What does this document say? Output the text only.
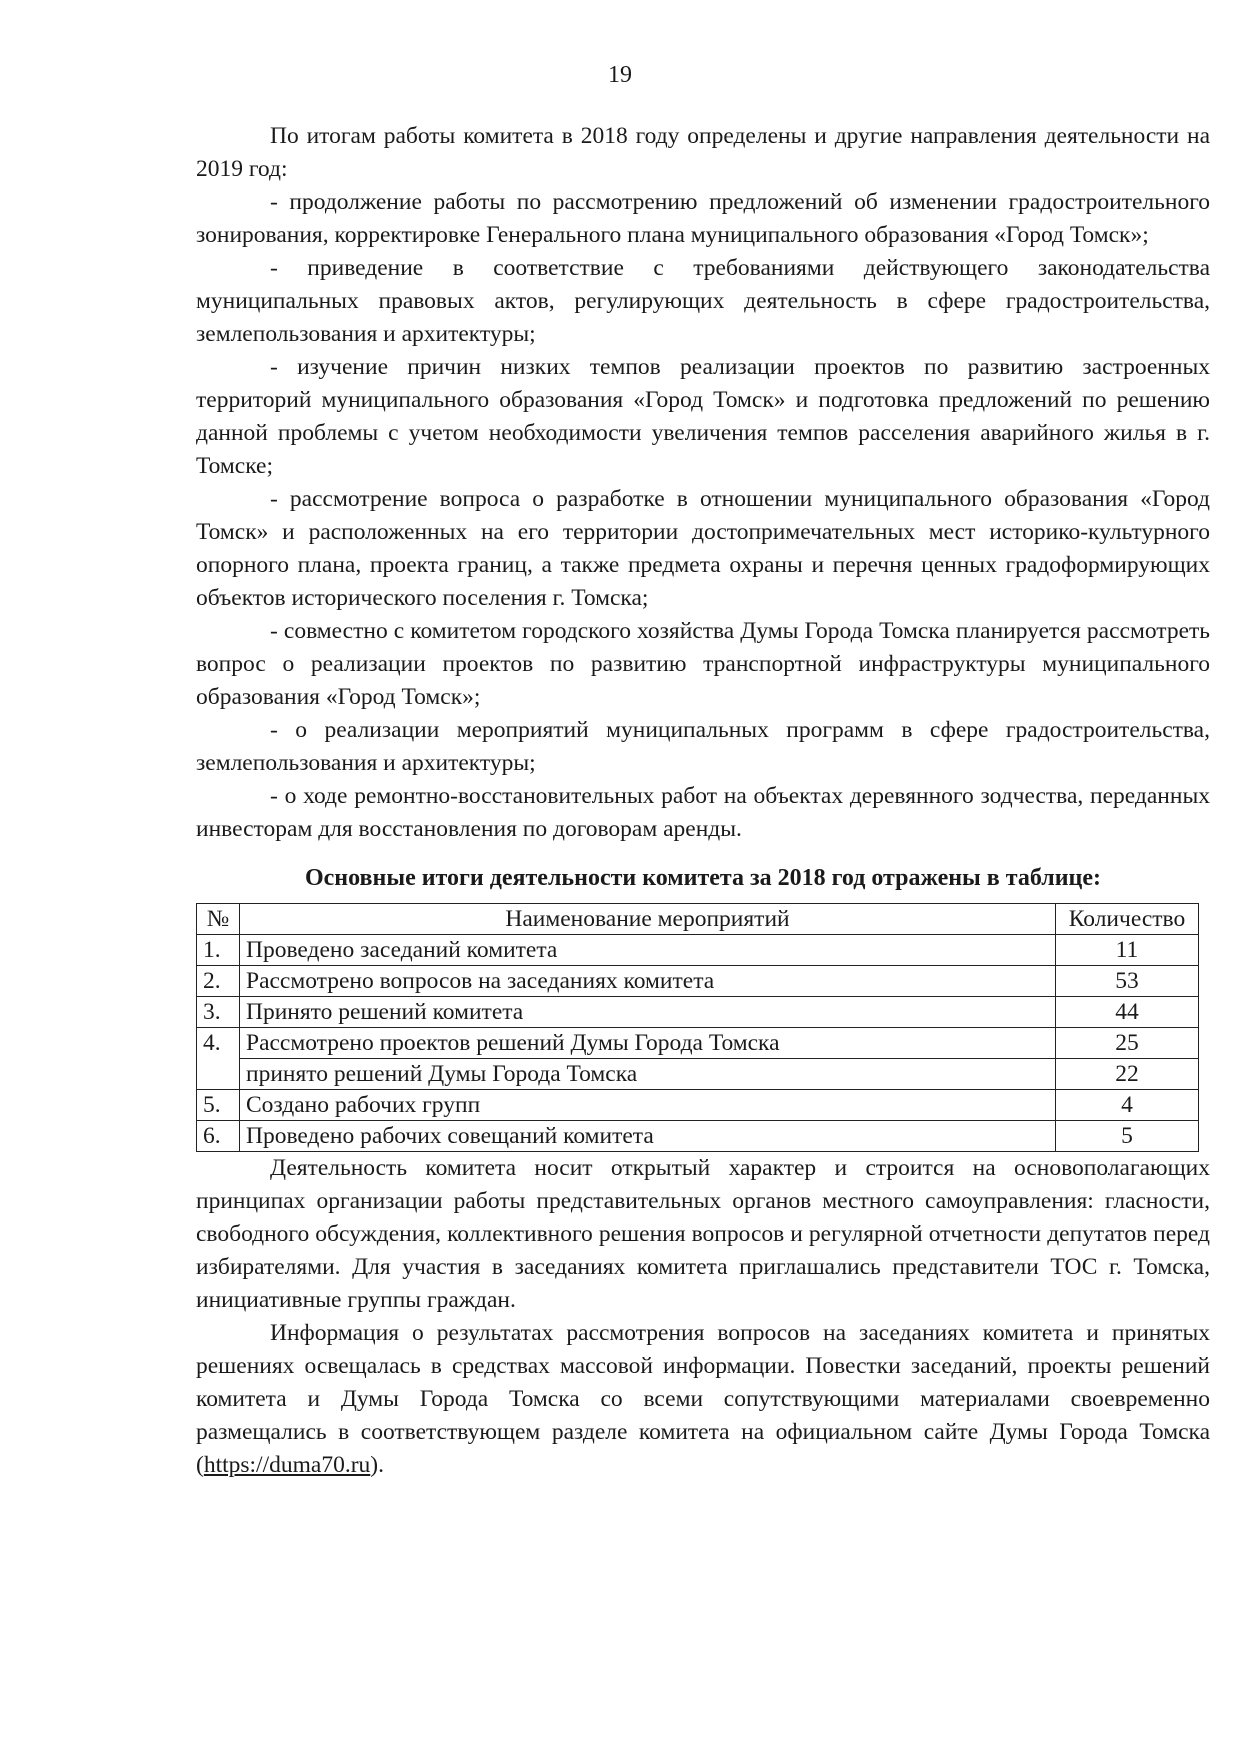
19

По итогам работы комитета в 2018 году определены и другие направления деятельности на 2019 год:

- продолжение работы по рассмотрению предложений об изменении градостроительного зонирования, корректировке Генерального плана муниципального образования «Город Томск»;

- приведение в соответствие с требованиями действующего законодательства муниципальных правовых актов, регулирующих деятельность в сфере градостроительства, землепользования и архитектуры;

- изучение причин низких темпов реализации проектов по развитию застроенных территорий муниципального образования «Город Томск» и подготовка предложений по решению данной проблемы с учетом необходимости увеличения темпов расселения аварийного жилья в г. Томске;

- рассмотрение вопроса о разработке в отношении муниципального образования «Город Томск» и расположенных на его территории достопримечательных мест историко-культурного опорного плана, проекта границ, а также предмета охраны и перечня ценных градоформирующих объектов исторического поселения г. Томска;

- совместно с комитетом городского хозяйства Думы Города Томска планируется рассмотреть вопрос о реализации проектов по развитию транспортной инфраструктуры муниципального образования «Город Томск»;

- о реализации мероприятий муниципальных программ в сфере градостроительства, землепользования и архитектуры;

- о ходе ремонтно-восстановительных работ на объектах деревянного зодчества, переданных инвесторам для восстановления по договорам аренды.

Основные итоги деятельности комитета за 2018 год отражены в таблице:
№	Наименование мероприятий	Количество
1.	Проведено заседаний комитета	11
2.	Рассмотрено вопросов на заседаниях комитета	53
3.	Принято решений комитета	44
4.	Рассмотрено проектов решений Думы Города Томска	25
	принято решений Думы Города Томска	22
5.	Создано рабочих групп	4
6.	Проведено рабочих совещаний комитета	5

Деятельность комитета носит открытый характер и строится на основополагающих принципах организации работы представительных органов местного самоуправления: гласности, свободного обсуждения, коллективного решения вопросов и регулярной отчетности депутатов перед избирателями. Для участия в заседаниях комитета приглашались представители ТОС г. Томска, инициативные группы граждан.

Информация о результатах рассмотрения вопросов на заседаниях комитета и принятых решениях освещалась в средствах массовой информации. Повестки заседаний, проекты решений комитета и Думы Города Томска со всеми сопутствующими материалами своевременно размещались в соответствующем разделе комитета на официальном сайте Думы Города Томска (https://duma70.ru).
